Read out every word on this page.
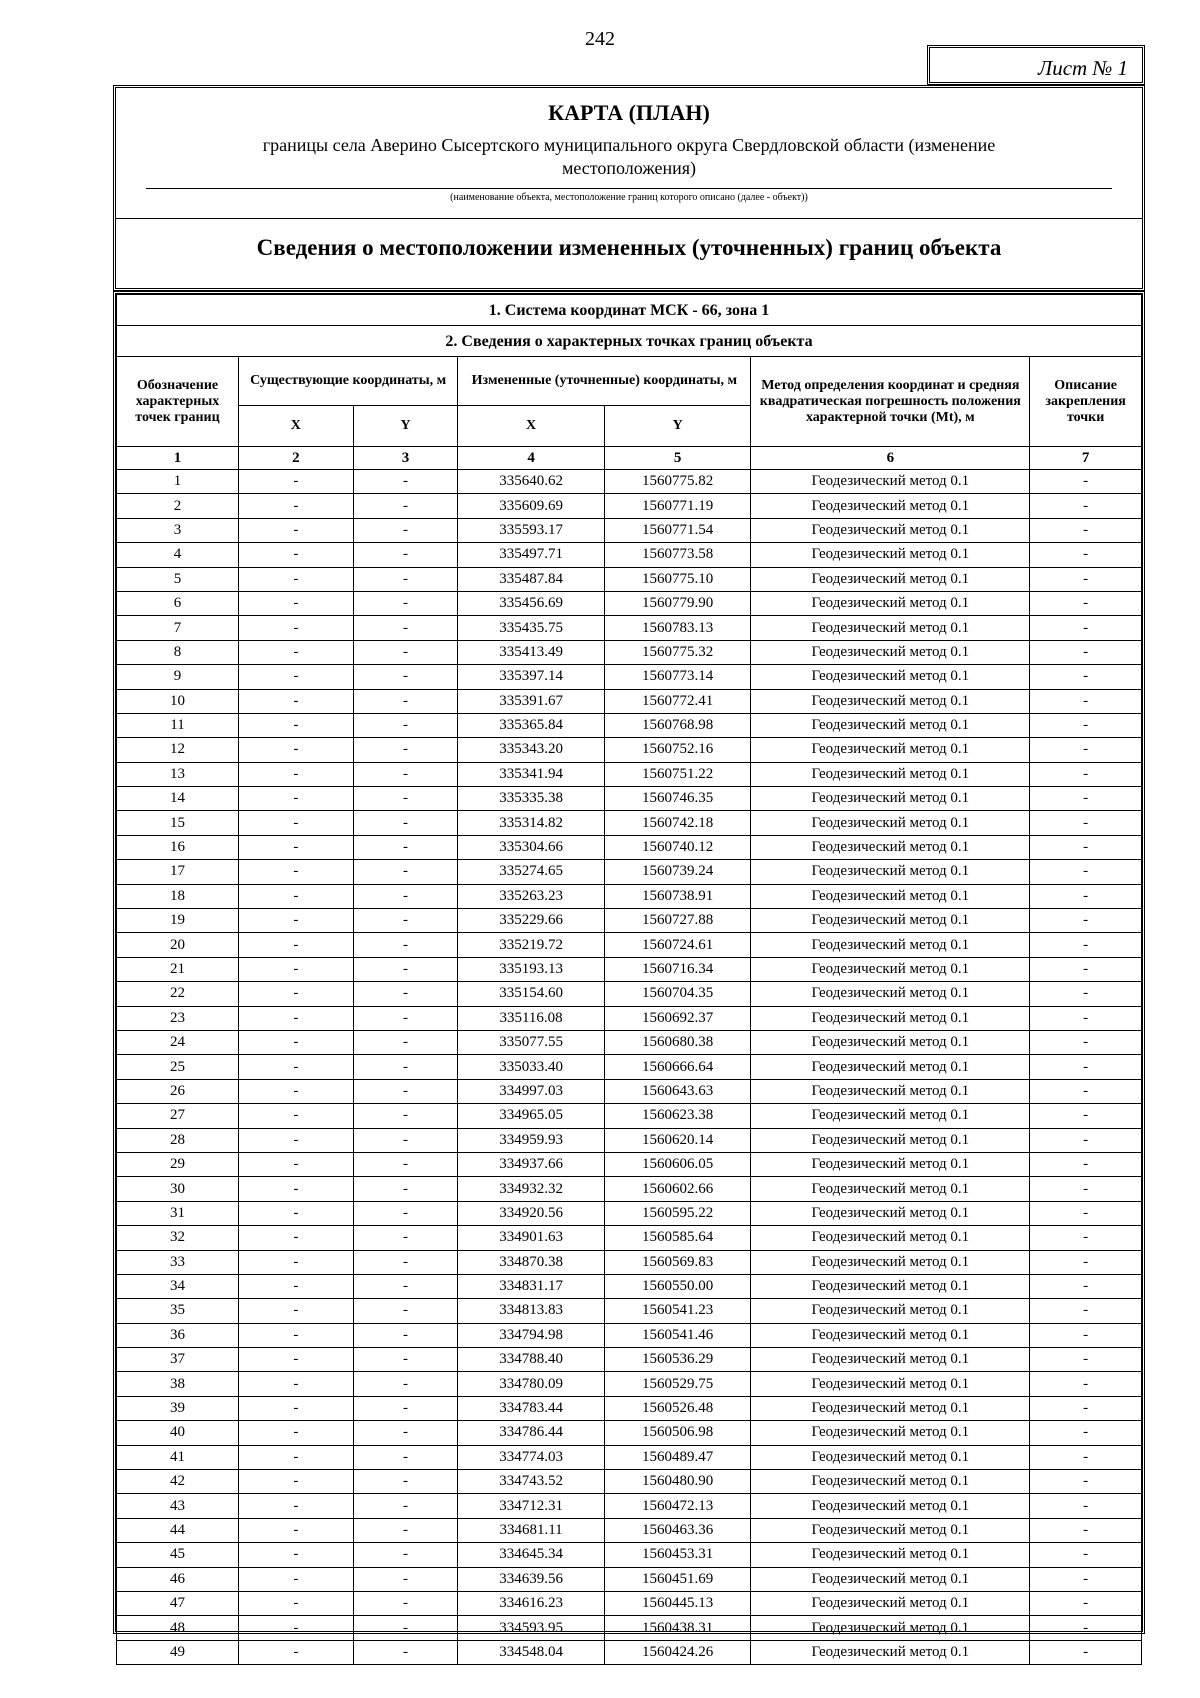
242
Лист № 1
КАРТА (ПЛАН)
границы села Аверино Сысертского муниципального округа Свердловской области (изменение местоположения)
(наименование объекта, местоположение границ которого описано (далее - объект))
Сведения о местоположении измененных (уточненных) границ объекта
1. Система координат МСК - 66, зона 1						
2. Сведения о характерных точках границ объекта						
Обозначение характерных точек границ	Существующие координаты, м		Измененные (уточненные) координаты, м		Метод определения координат и средняя квадратическая погрешность положения характерной точки (Mt), м	Описание закрепления точки
	X	Y	X	Y		
1	2	3	4	5	6	7
1	-	-	335640.62	1560775.82	Геодезический метод 0.1	-
2	-	-	335609.69	1560771.19	Геодезический метод 0.1	-
3	-	-	335593.17	1560771.54	Геодезический метод 0.1	-
4	-	-	335497.71	1560773.58	Геодезический метод 0.1	-
5	-	-	335487.84	1560775.10	Геодезический метод 0.1	-
6	-	-	335456.69	1560779.90	Геодезический метод 0.1	-
7	-	-	335435.75	1560783.13	Геодезический метод 0.1	-
8	-	-	335413.49	1560775.32	Геодезический метод 0.1	-
9	-	-	335397.14	1560773.14	Геодезический метод 0.1	-
10	-	-	335391.67	1560772.41	Геодезический метод 0.1	-
11	-	-	335365.84	1560768.98	Геодезический метод 0.1	-
12	-	-	335343.20	1560752.16	Геодезический метод 0.1	-
13	-	-	335341.94	1560751.22	Геодезический метод 0.1	-
14	-	-	335335.38	1560746.35	Геодезический метод 0.1	-
15	-	-	335314.82	1560742.18	Геодезический метод 0.1	-
16	-	-	335304.66	1560740.12	Геодезический метод 0.1	-
17	-	-	335274.65	1560739.24	Геодезический метод 0.1	-
18	-	-	335263.23	1560738.91	Геодезический метод 0.1	-
19	-	-	335229.66	1560727.88	Геодезический метод 0.1	-
20	-	-	335219.72	1560724.61	Геодезический метод 0.1	-
21	-	-	335193.13	1560716.34	Геодезический метод 0.1	-
22	-	-	335154.60	1560704.35	Геодезический метод 0.1	-
23	-	-	335116.08	1560692.37	Геодезический метод 0.1	-
24	-	-	335077.55	1560680.38	Геодезический метод 0.1	-
25	-	-	335033.40	1560666.64	Геодезический метод 0.1	-
26	-	-	334997.03	1560643.63	Геодезический метод 0.1	-
27	-	-	334965.05	1560623.38	Геодезический метод 0.1	-
28	-	-	334959.93	1560620.14	Геодезический метод 0.1	-
29	-	-	334937.66	1560606.05	Геодезический метод 0.1	-
30	-	-	334932.32	1560602.66	Геодезический метод 0.1	-
31	-	-	334920.56	1560595.22	Геодезический метод 0.1	-
32	-	-	334901.63	1560585.64	Геодезический метод 0.1	-
33	-	-	334870.38	1560569.83	Геодезический метод 0.1	-
34	-	-	334831.17	1560550.00	Геодезический метод 0.1	-
35	-	-	334813.83	1560541.23	Геодезический метод 0.1	-
36	-	-	334794.98	1560541.46	Геодезический метод 0.1	-
37	-	-	334788.40	1560536.29	Геодезический метод 0.1	-
38	-	-	334780.09	1560529.75	Геодезический метод 0.1	-
39	-	-	334783.44	1560526.48	Геодезический метод 0.1	-
40	-	-	334786.44	1560506.98	Геодезический метод 0.1	-
41	-	-	334774.03	1560489.47	Геодезический метод 0.1	-
42	-	-	334743.52	1560480.90	Геодезический метод 0.1	-
43	-	-	334712.31	1560472.13	Геодезический метод 0.1	-
44	-	-	334681.11	1560463.36	Геодезический метод 0.1	-
45	-	-	334645.34	1560453.31	Геодезический метод 0.1	-
46	-	-	334639.56	1560451.69	Геодезический метод 0.1	-
47	-	-	334616.23	1560445.13	Геодезический метод 0.1	-
48	-	-	334593.95	1560438.31	Геодезический метод 0.1	-
49	-	-	334548.04	1560424.26	Геодезический метод 0.1	-
